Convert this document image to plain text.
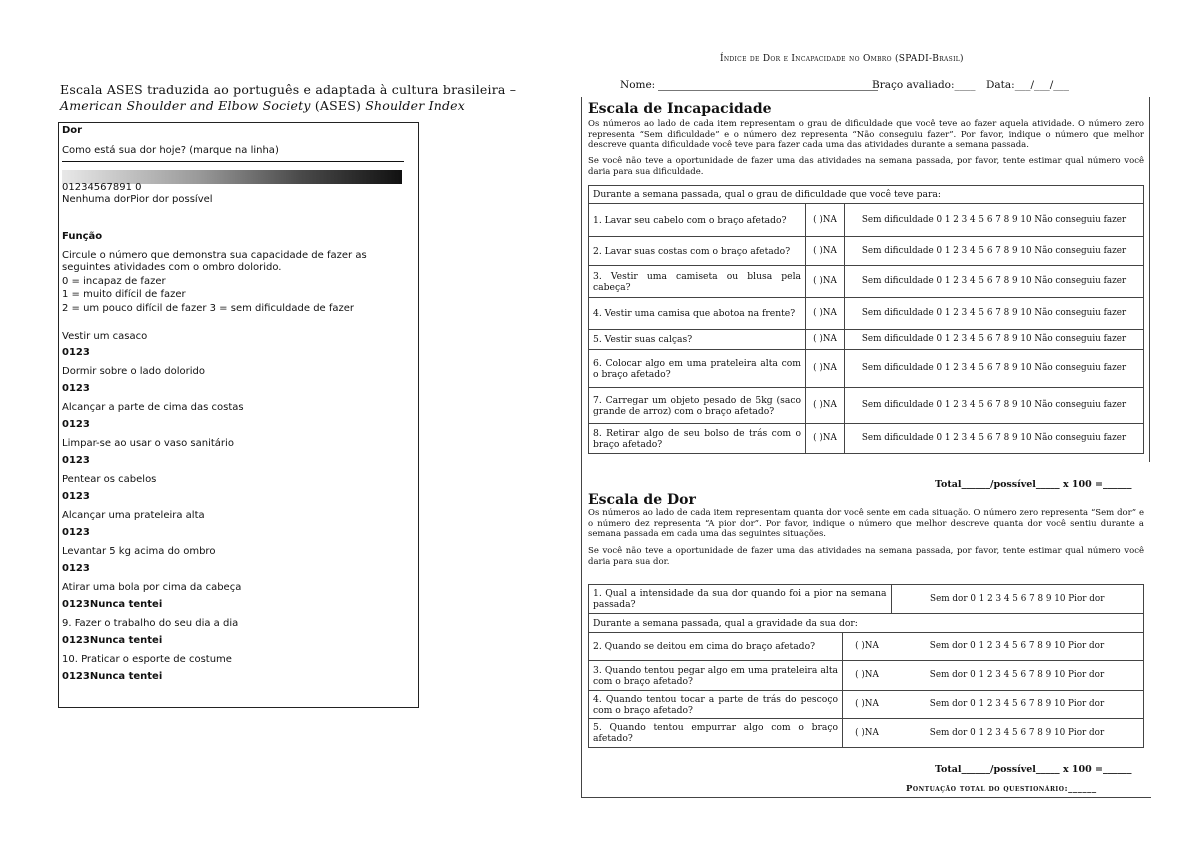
Escala ASES traduzida ao português e adaptada à cultura brasileira – American Shoulder and Elbow Society (ASES) Shoulder Index
Dor
Como está sua dor hoje? (marque na linha)
01234567891 0
Nenhuma dorPior dor possível
Função
Circule o número que demonstra sua capacidade de fazer as seguintes atividades com o ombro dolorido.
0 = incapaz de fazer
1 = muito difícil de fazer
2 = um pouco difícil de fazer 3 = sem dificuldade de fazer
Vestir um casaco
0123
Dormir sobre o lado dolorido
0123
Alcançar a parte de cima das costas
0123
Limpar-se ao usar o vaso sanitário
0123
Pentear os cabelos
0123
Alcançar uma prateleira alta
0123
Levantar 5 kg acima do ombro
0123
Atirar uma bola por cima da cabeça
0123Nunca tentei
9. Fazer o trabalho do seu dia a dia
0123Nunca tentei
10. Praticar o esporte de costume
0123Nunca tentei
Índice de Dor e Incapacidade no Ombro (SPADI-Brasil)
Nome:	Braço avaliado:____ Data:___/___/___
Escala de Incapacidade
Os números ao lado de cada item representam o grau de dificuldade que você teve ao fazer aquela atividade. O número zero representa “Sem dificuldade” e o número dez representa “Não conseguiu fazer”. Por favor, indique o número que melhor descreve quanta dificuldade você teve para fazer cada uma das atividades durante a semana passada.
Se você não teve a oportunidade de fazer uma das atividades na semana passada, por favor, tente estimar qual número você daria para sua dificuldade.
Durante a semana passada, qual o grau de dificuldade que você teve para:		
1. Lavar seu cabelo com o braço afetado?	( )NA	Sem dificuldade 0 1 2 3 4 5 6 7 8 9 10 Não conseguiu fazer
2. Lavar suas costas com o braço afetado?	( )NA	Sem dificuldade 0 1 2 3 4 5 6 7 8 9 10 Não conseguiu fazer
3. Vestir uma camiseta ou blusa pela cabeça?	( )NA	Sem dificuldade 0 1 2 3 4 5 6 7 8 9 10 Não conseguiu fazer
4. Vestir uma camisa que abotoa na frente?	( )NA	Sem dificuldade 0 1 2 3 4 5 6 7 8 9 10 Não conseguiu fazer
5. Vestir suas calças?	( )NA	Sem dificuldade 0 1 2 3 4 5 6 7 8 9 10 Não conseguiu fazer
6. Colocar algo em uma prateleira alta com o braço afetado?	( )NA	Sem dificuldade 0 1 2 3 4 5 6 7 8 9 10 Não conseguiu fazer
7. Carregar um objeto pesado de 5kg (saco grande de arroz) com o braço afetado?	( )NA	Sem dificuldade 0 1 2 3 4 5 6 7 8 9 10 Não conseguiu fazer
8. Retirar algo de seu bolso de trás com o braço afetado?	( )NA	Sem dificuldade 0 1 2 3 4 5 6 7 8 9 10 Não conseguiu fazer
Total______/possível_____ x 100 =______
Escala de Dor
Os números ao lado de cada item representam quanta dor você sente em cada situação. O número zero representa “Sem dor” e o número dez representa “A pior dor”. Por favor, indique o número que melhor descreve quanta dor você sentiu durante a semana passada em cada uma das seguintes situações.
Se você não teve a oportunidade de fazer uma das atividades na semana passada, por favor, tente estimar qual número você daria para sua dor.
1. Qual a intensidade da sua dor quando foi a pior na semana passada?		Sem dor 0 1 2 3 4 5 6 7 8 9 10 Pior dor
Durante a semana passada, qual a gravidade da sua dor:		
2. Quando se deitou em cima do braço afetado?	( )NA	Sem dor 0 1 2 3 4 5 6 7 8 9 10 Pior dor
3. Quando tentou pegar algo em uma prateleira alta com o braço afetado?	( )NA	Sem dor 0 1 2 3 4 5 6 7 8 9 10 Pior dor
4. Quando tentou tocar a parte de trás do pescoço com o braço afetado?	( )NA	Sem dor 0 1 2 3 4 5 6 7 8 9 10 Pior dor
5. Quando tentou empurrar algo com o braço afetado?	( )NA	Sem dor 0 1 2 3 4 5 6 7 8 9 10 Pior dor
Total______/possível_____ x 100 =______
Pontuação total do questionário:______
